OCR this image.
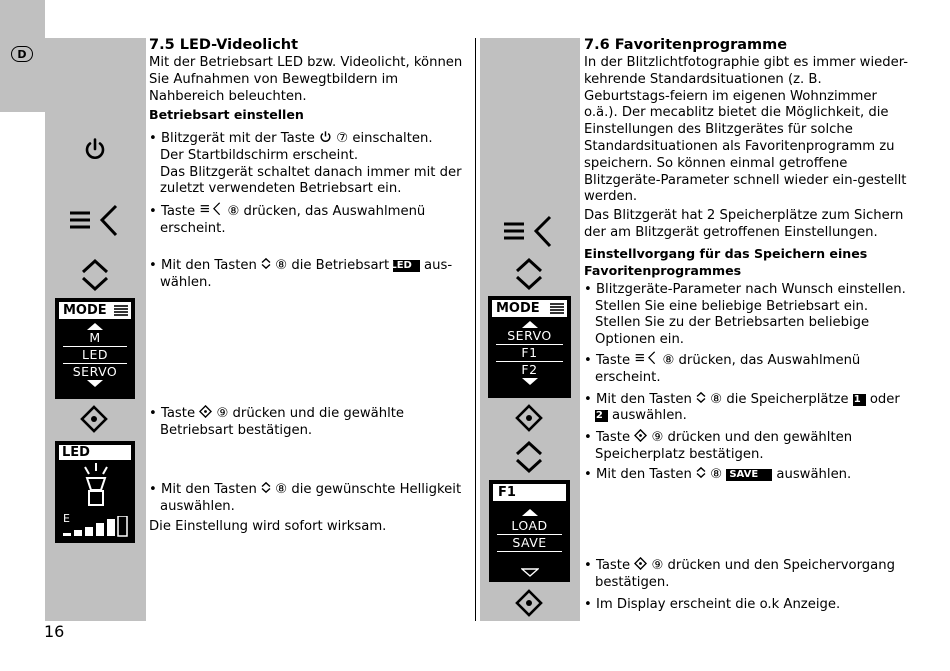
D
MODE
M
LED
SERVO
LED
E
MODE
SERVO
F1
F2
F1
LOAD
SAVE
7.5 LED-Videolicht

Mit der Betriebsart LED bzw. Videolicht, können Sie Aufnahmen von Bewegtbildern im Nahbereich beleuchten.

Betriebsart einstellen

• Blitzgerät mit der Taste ⑦ einschalten.

Der Startbildschirm erscheint.

Das Blitzgerät schaltet danach immer mit der zuletzt verwendeten Betriebsart ein.

• Taste ⑧ drücken, das Auswahlmenü erscheint.

• Mit den Tasten ⑧ die Betriebsart LED aus- wählen.

• Taste ⑨ drücken und die gewählte Betriebsart bestätigen.

• Mit den Tasten ⑧ die gewünschte Helligkeit auswählen.

Die Einstellung wird sofort wirksam.

7.6 Favoritenprogramme

In der Blitzlichtfotographie gibt es immer wieder-kehrende Standardsituationen (z. B. Geburtstags-feiern im eigenen Wohnzimmer o.ä.). Der mecablitz bietet die Möglichkeit, die Einstellungen des Blitzgerätes für solche Standardsituationen als Favoritenprogramm zu speichern. So können einmal getroffene Blitzgeräte-Parameter schnell wieder ein-gestellt werden.

Das Blitzgerät hat 2 Speicherplätze zum Sichern der am Blitzgerät getroffenen Einstellungen.

Einstellvorgang für das Speichern eines Favoritenprogrammes

• Blitzgeräte-Parameter nach Wunsch einstellen.

Stellen Sie eine beliebige Betriebsart ein.

Stellen Sie zu der Betriebsarten beliebige Optionen ein.

• Taste ⑧ drücken, das Auswahlmenü erscheint.

• Mit den Tasten ⑧ die Speicherplätze F1 oder F2 auswählen.

• Taste ⑨ drücken und den gewählten Speicherplatz bestätigen.

• Mit den Tasten ⑧ SAVE auswählen.

• Taste ⑨ drücken und den Speichervorgang bestätigen.

• Im Display erscheint die o.k Anzeige.

16
